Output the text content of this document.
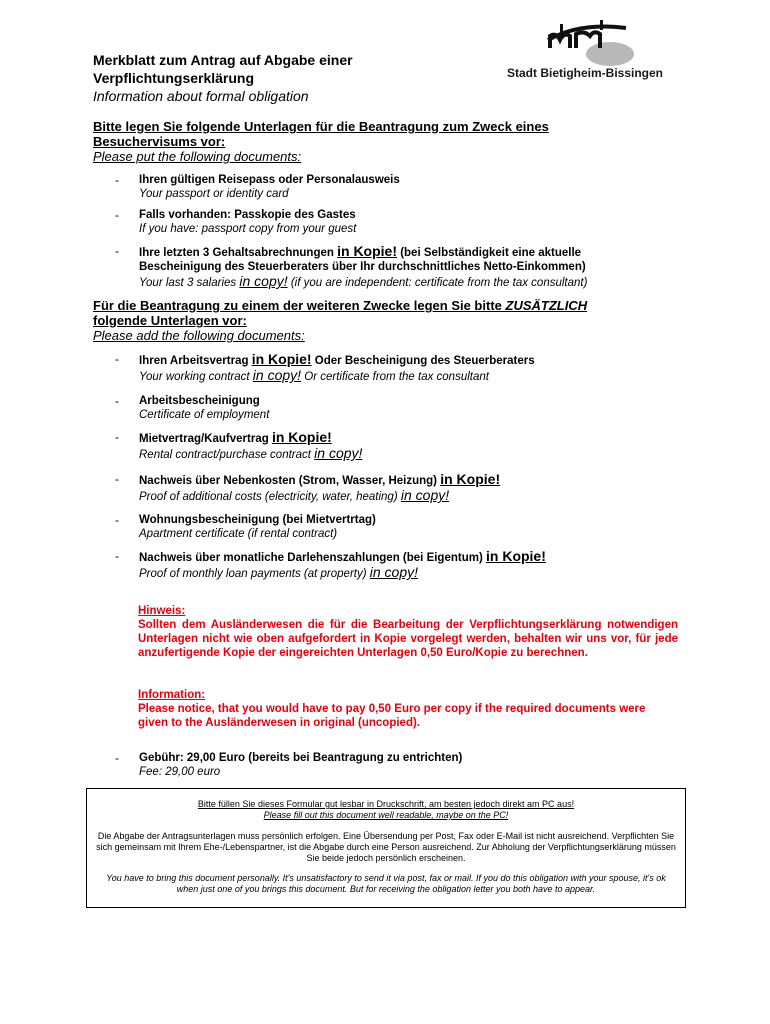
Merkblatt zum Antrag auf Abgabe einer
Verpflichtungserklärung
Information about formal obligation
Stadt Bietigheim-Bissingen
Bitte legen Sie folgende Unterlagen für die Beantragung zum Zweck eines
Besuchervisums vor:
Please put the following documents:
- Ihren gültigen Reisepass oder Personalausweis
Your passport or identity card
- Falls vorhanden: Passkopie des Gastes
If you have: passport copy from your guest
- Ihre letzten 3 Gehaltsabrechnungen in Kopie! (bei Selbständigkeit eine aktuelle
Bescheinigung des Steuerberaters über Ihr durchschnittliches Netto-Einkommen)
Your last 3 salaries in copy! (if you are independent: certificate from the tax consultant)
Für die Beantragung zu einem der weiteren Zwecke legen Sie bitte ZUSÄTZLICH
folgende Unterlagen vor:
Please add the following documents:
- Ihren Arbeitsvertrag in Kopie! Oder Bescheinigung des Steuerberaters
Your working contract in copy! Or certificate from the tax consultant
- Arbeitsbescheinigung
Certificate of employment
- Mietvertrag/Kaufvertrag in Kopie!
Rental contract/purchase contract in copy!
- Nachweis über Nebenkosten (Strom, Wasser, Heizung) in Kopie!
Proof of additional costs (electricity, water, heating) in copy!
- Wohnungsbescheinigung (bei Mietvertrtag)
Apartment certificate (if rental contract)
- Nachweis über monatliche Darlehenszahlungen (bei Eigentum) in Kopie!
Proof of monthly loan payments (at property) in copy!
Hinweis:
Sollten dem Ausländerwesen die für die Bearbeitung der Verpflichtungserklärung notwendigen Unterlagen nicht wie oben aufgefordert in Kopie vorgelegt werden, behalten wir uns vor, für jede anzufertigende Kopie der eingereichten Unterlagen 0,50 Euro/Kopie zu berechnen.
Information:
Please notice, that you would have to pay 0,50 Euro per copy if the required documents were given to the Ausländerwesen in original (uncopied).
- Gebühr: 29,00 Euro (bereits bei Beantragung zu entrichten)
Fee: 29,00 euro

Bitte füllen Sie dieses Formular gut lesbar in Druckschrift, am besten jedoch direkt am PC aus!

Please fill out this document well readable, maybe on the PC!

Die Abgabe der Antragsunterlagen muss persönlich erfolgen. Eine Übersendung per Post, Fax oder E-Mail ist nicht ausreichend. Verpflichten Sie sich gemeinsam mit Ihrem Ehe-/Lebenspartner, ist die Abgabe durch eine Person ausreichend. Zur Abholung der Verpflichtungserklärung müssen Sie beide jedoch persönlich erscheinen.

You have to bring this document personally. It's unsatisfactory to send it via post, fax or mail. If you do this obligation with your spouse, it's ok when just one of you brings this document. But for receiving the obligation letter you both have to appear.
